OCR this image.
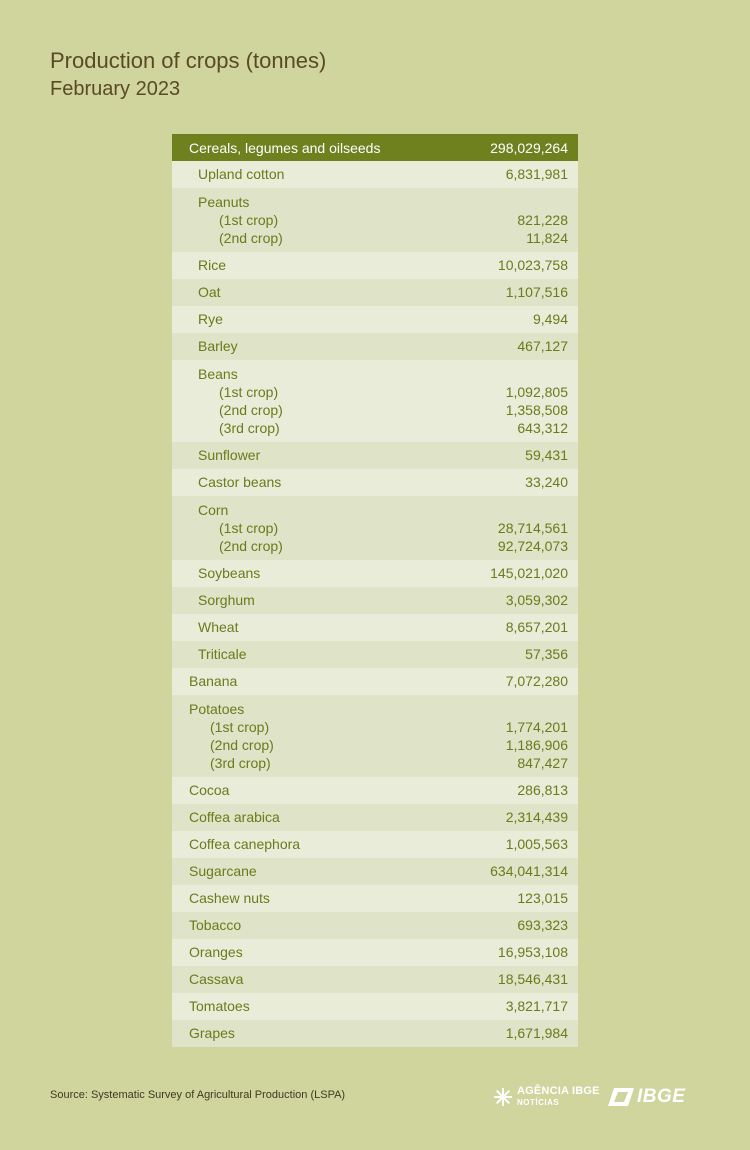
Production of crops (tonnes)
February 2023
Cereals, legumes and oilseeds	298,029,264
Upland cotton	6,831,981
Peanuts
(1st crop)	821,228
(2nd crop)	11,824
Rice	10,023,758
Oat	1,107,516
Rye	9,494
Barley	467,127
Beans
(1st crop)	1,092,805
(2nd crop)	1,358,508
(3rd crop)	643,312
Sunflower	59,431
Castor beans	33,240
Corn
(1st crop)	28,714,561
(2nd crop)	92,724,073
Soybeans	145,021,020
Sorghum	3,059,302
Wheat	8,657,201
Triticale	57,356
Banana	7,072,280
Potatoes
(1st crop)	1,774,201
(2nd crop)	1,186,906
(3rd crop)	847,427
Cocoa	286,813
Coffea arabica	2,314,439
Coffea canephora	1,005,563
Sugarcane	634,041,314
Cashew nuts	123,015
Tobacco	693,323
Oranges	16,953,108
Cassava	18,546,431
Tomatoes	3,821,717
Grapes	1,671,984
Source: Systematic Survey of Agricultural Production (LSPA)	AGÊNCIA IBGE
NOTÍCIAS	IBGE
